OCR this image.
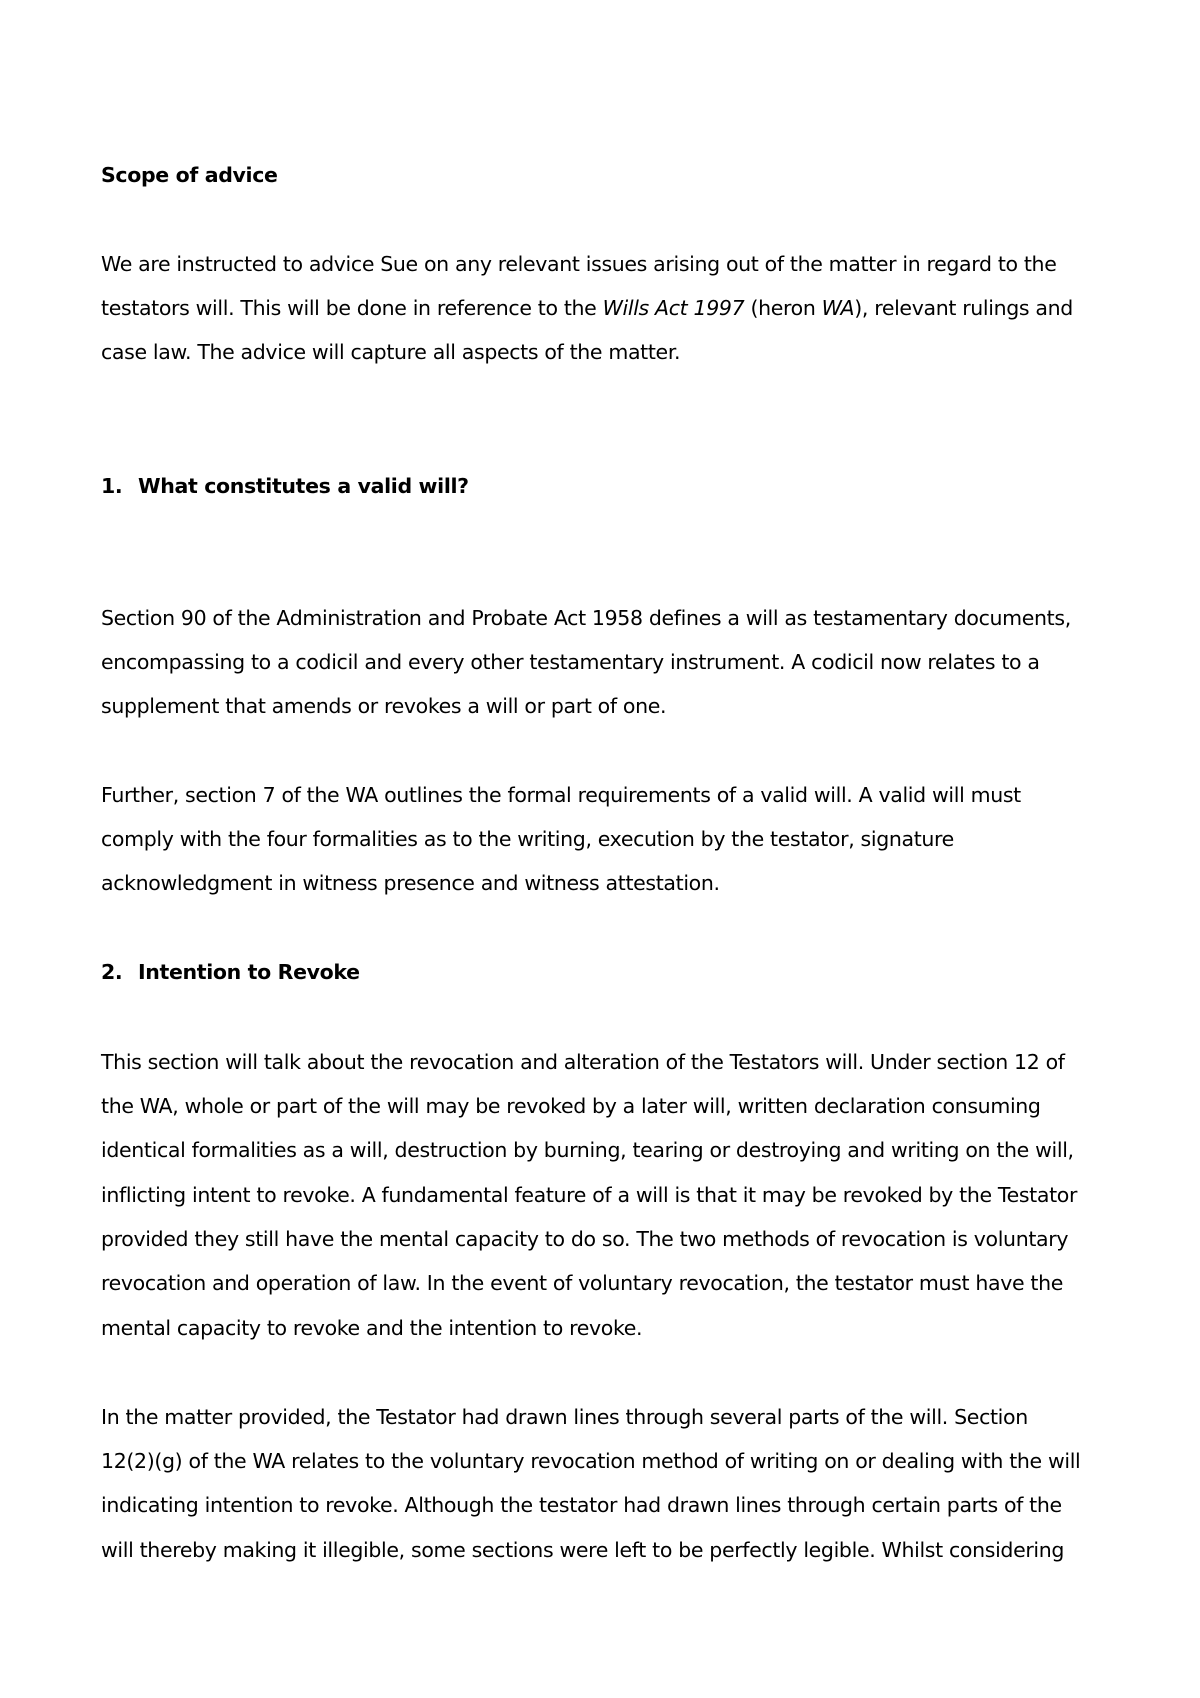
Scope of advice
We are instructed to advice Sue on any relevant issues arising out of the matter in regard to the
testators will. This will be done in reference to the Wills Act 1997 (heron WA), relevant rulings and
case law. The advice will capture all aspects of the matter.
1. What constitutes a valid will?
Section 90 of the Administration and Probate Act 1958 defines a will as testamentary documents,
encompassing to a codicil and every other testamentary instrument. A codicil now relates to a
supplement that amends or revokes a will or part of one.
Further, section 7 of the WA outlines the formal requirements of a valid will. A valid will must
comply with the four formalities as to the writing, execution by the testator, signature
acknowledgment in witness presence and witness attestation.
2. Intention to Revoke
This section will talk about the revocation and alteration of the Testators will. Under section 12 of
the WA, whole or part of the will may be revoked by a later will, written declaration consuming
identical formalities as a will, destruction by burning, tearing or destroying and writing on the will,
inflicting intent to revoke. A fundamental feature of a will is that it may be revoked by the Testator
provided they still have the mental capacity to do so. The two methods of revocation is voluntary
revocation and operation of law. In the event of voluntary revocation, the testator must have the
mental capacity to revoke and the intention to revoke.
In the matter provided, the Testator had drawn lines through several parts of the will. Section
12(2)(g) of the WA relates to the voluntary revocation method of writing on or dealing with the will
indicating intention to revoke. Although the testator had drawn lines through certain parts of the
will thereby making it illegible, some sections were left to be perfectly legible. Whilst considering
